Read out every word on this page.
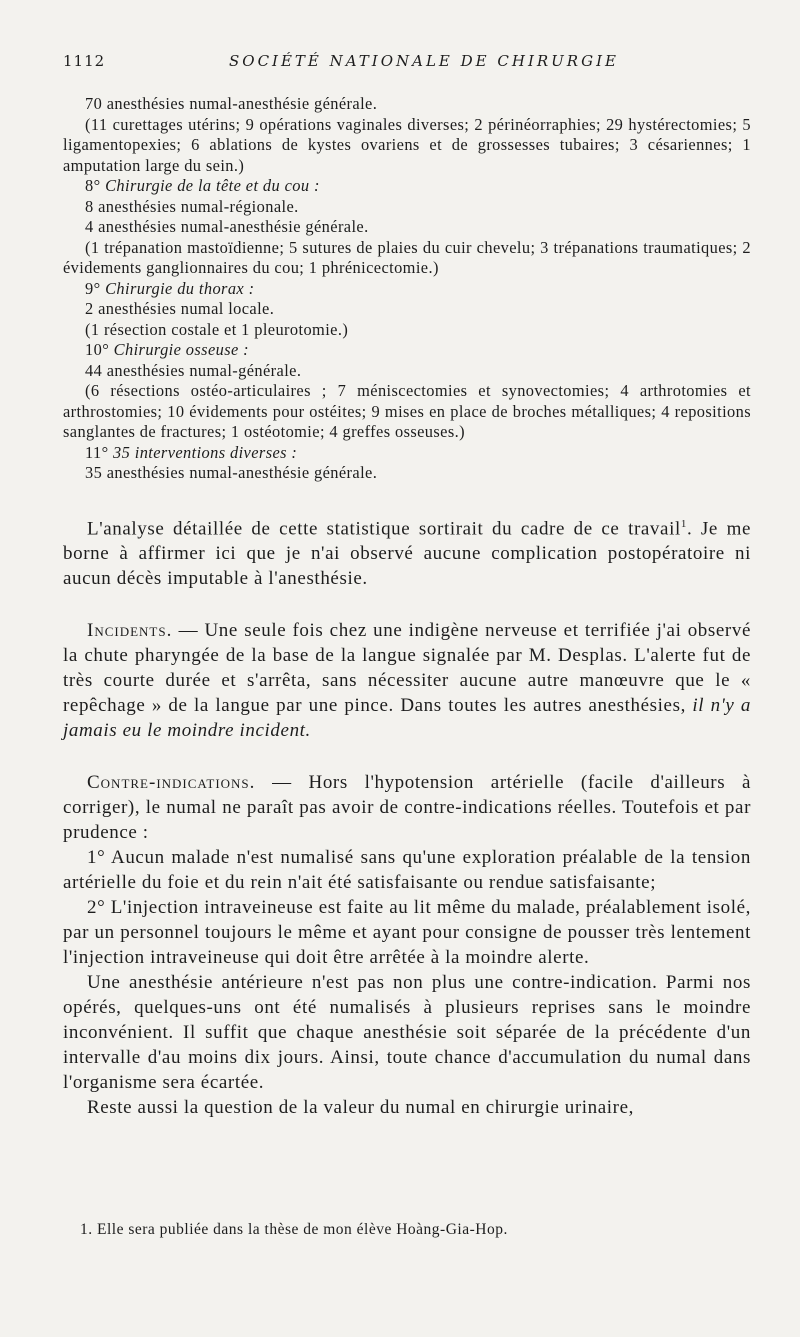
1112	SOCIÉTÉ NATIONALE DE CHIRURGIE

70 anesthésies numal-anesthésie générale.

(11 curettages utérins; 9 opérations vaginales diverses; 2 périnéorraphies; 29 hystérectomies; 5 ligamentopexies; 6 ablations de kystes ovariens et de grossesses tubaires; 3 césariennes; 1 amputation large du sein.)

8° Chirurgie de la tête et du cou :

8 anesthésies numal-régionale.

4 anesthésies numal-anesthésie générale.

(1 trépanation mastoïdienne; 5 sutures de plaies du cuir chevelu; 3 trépanations traumatiques; 2 évidements ganglionnaires du cou; 1 phrénicectomie.)

9° Chirurgie du thorax :

2 anesthésies numal locale.

(1 résection costale et 1 pleurotomie.)

10° Chirurgie osseuse :

44 anesthésies numal-générale.

(6 résections ostéo-articulaires ; 7 méniscectomies et synovectomies; 4 arthrotomies et arthrostomies; 10 évidements pour ostéites; 9 mises en place de broches métalliques; 4 repositions sanglantes de fractures; 1 ostéotomie; 4 greffes osseuses.)

11° 35 interventions diverses :

35 anesthésies numal-anesthésie générale.

L'analyse détaillée de cette statistique sortirait du cadre de ce travail$^1$. Je me borne à affirmer ici que je n'ai observé aucune complication postopératoire ni aucun décès imputable à l'anesthésie.

Incidents. — Une seule fois chez une indigène nerveuse et terrifiée j'ai observé la chute pharyngée de la base de la langue signalée par M. Desplas. L'alerte fut de très courte durée et s'arrêta, sans nécessiter aucune autre manœuvre que le « repêchage » de la langue par une pince. Dans toutes les autres anesthésies, il n'y a jamais eu le moindre incident.

Contre-indications. — Hors l'hypotension artérielle (facile d'ailleurs à corriger), le numal ne paraît pas avoir de contre-indications réelles. Toutefois et par prudence :

1° Aucun malade n'est numalisé sans qu'une exploration préalable de la tension artérielle du foie et du rein n'ait été satisfaisante ou rendue satisfaisante;

2° L'injection intraveineuse est faite au lit même du malade, préalablement isolé, par un personnel toujours le même et ayant pour consigne de pousser très lentement l'injection intraveineuse qui doit être arrêtée à la moindre alerte.

Une anesthésie antérieure n'est pas non plus une contre-indication. Parmi nos opérés, quelques-uns ont été numalisés à plusieurs reprises sans le moindre inconvénient. Il suffit que chaque anesthésie soit séparée de la précédente d'un intervalle d'au moins dix jours. Ainsi, toute chance d'accumulation du numal dans l'organisme sera écartée.

Reste aussi la question de la valeur du numal en chirurgie urinaire,

1. Elle sera publiée dans la thèse de mon élève Hoàng-Gia-Hop.
